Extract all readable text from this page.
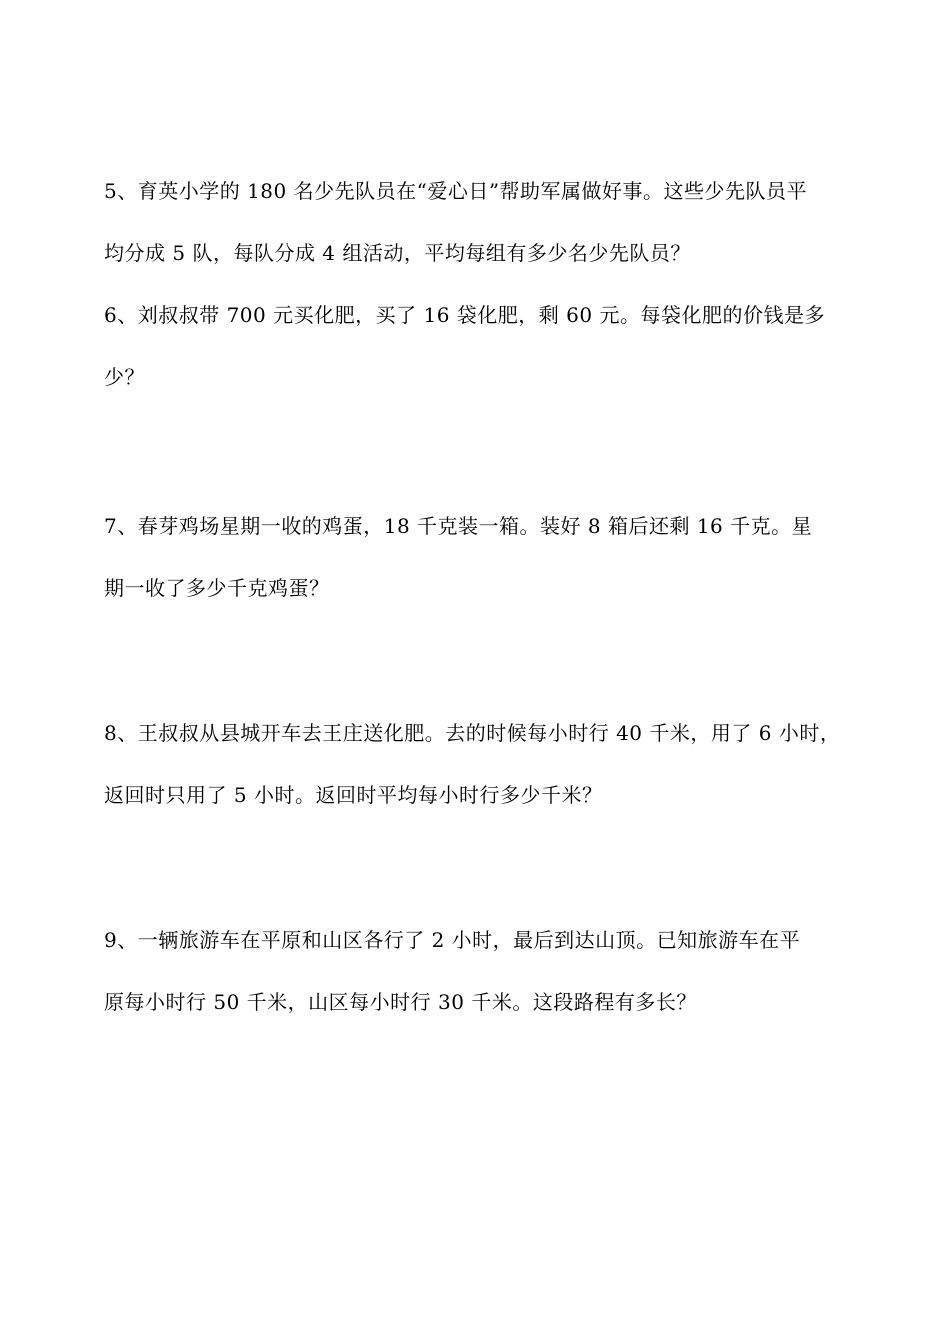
5、育英小学的 180 名少先队员在“爱心日”帮助军属做好事。这些少先队员平
均分成 5 队，每队分成 4 组活动，平均每组有多少名少先队员？
6、刘叔叔带 700 元买化肥，买了 16 袋化肥，剩 60 元。每袋化肥的价钱是多
少？
7、春芽鸡场星期一收的鸡蛋，18 千克装一箱。装好 8 箱后还剩 16 千克。星
期一收了多少千克鸡蛋？
8、王叔叔从县城开车去王庄送化肥。去的时候每小时行 40 千米，用了 6 小时，
返回时只用了 5 小时。返回时平均每小时行多少千米？
9、一辆旅游车在平原和山区各行了 2 小时，最后到达山顶。已知旅游车在平
原每小时行 50 千米，山区每小时行 30 千米。这段路程有多长？
